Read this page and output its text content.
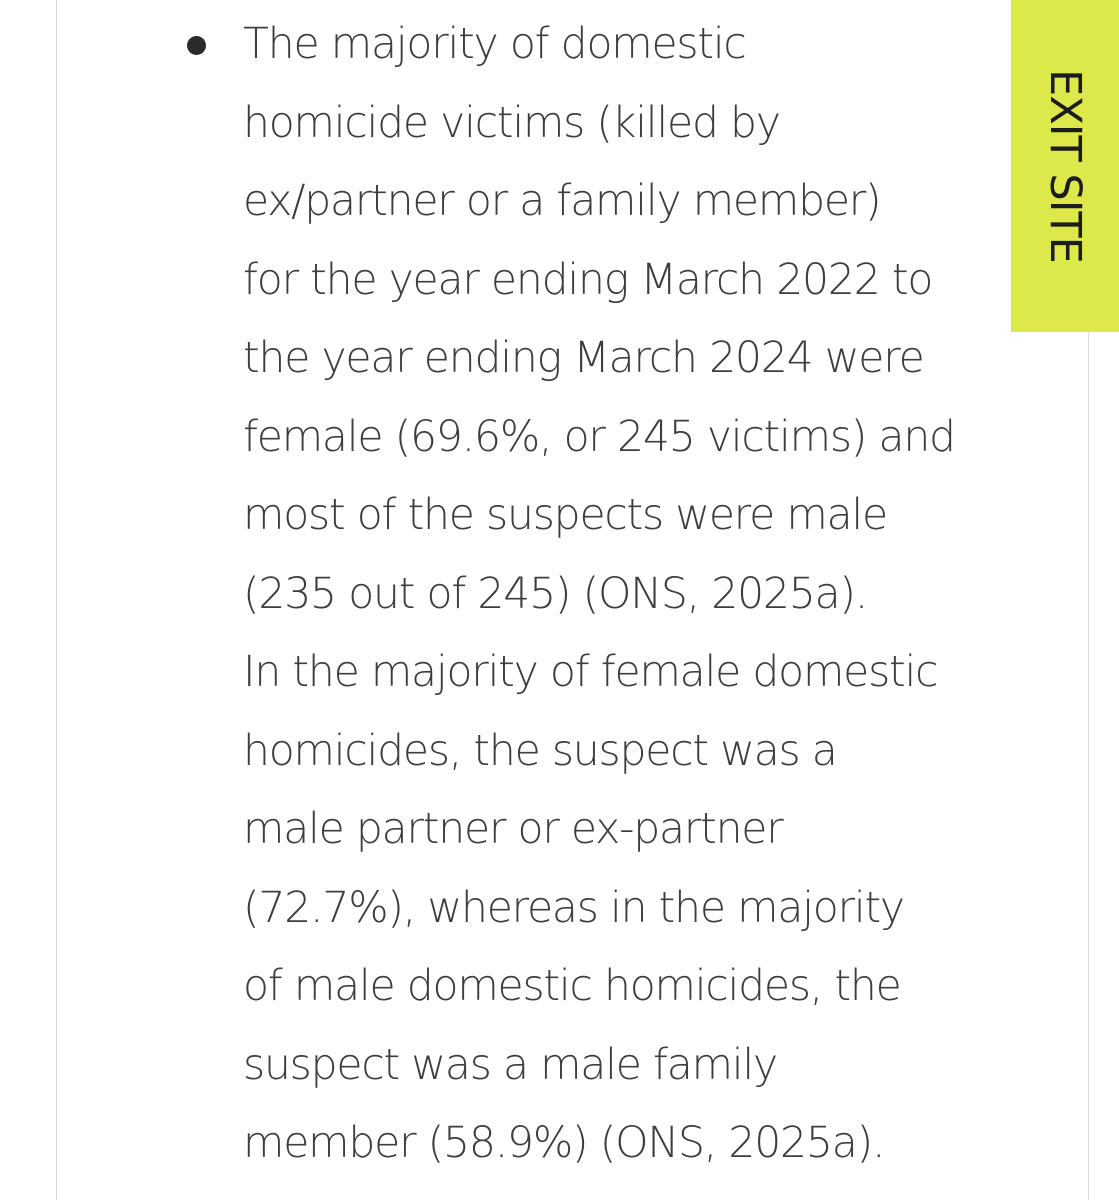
The majority of domestic
homicide victims (killed by
ex/partner or a family member)
for the year ending March 2022 to
the year ending March 2024 were
female (69.6%, or 245 victims) and
most of the suspects were male
(235 out of 245) (ONS, 2025a).
In the majority of female domestic
homicides, the suspect was a
male partner or ex-partner
(72.7%), whereas in the majority
of male domestic homicides, the
suspect was a male family
member (58.9%) (ONS, 2025a).

EXIT SITE
